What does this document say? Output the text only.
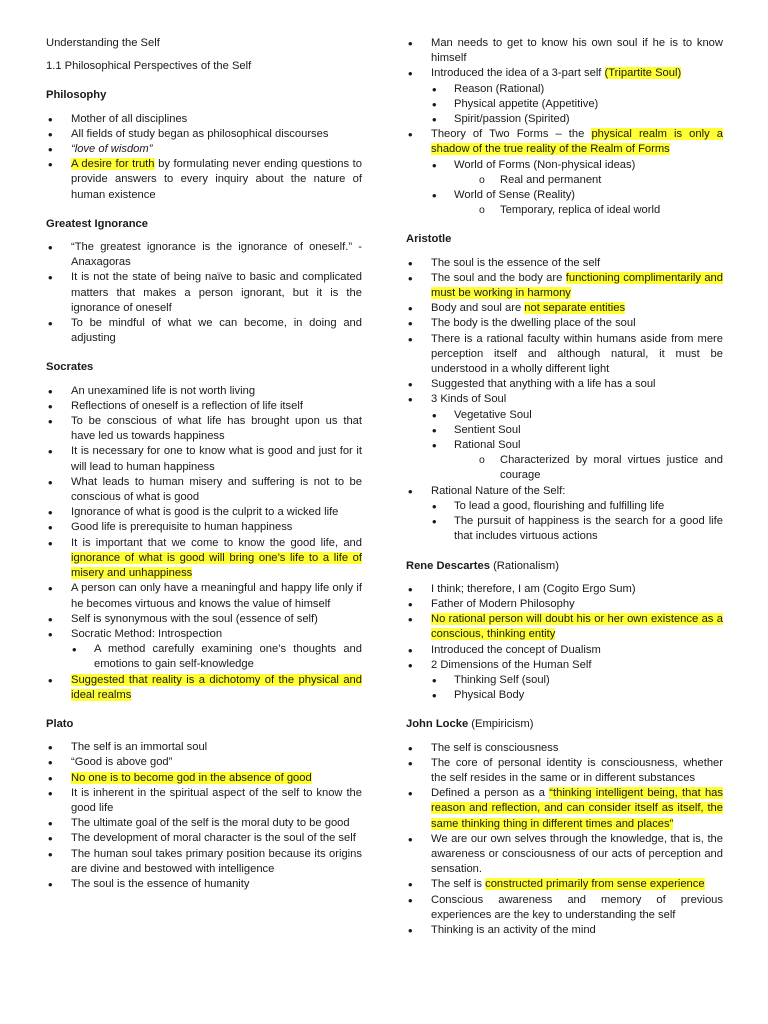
Understanding the Self

1.1 Philosophical Perspectives of the Self

Philosophy

• Mother of all disciplines
• All fields of study began as philosophical discourses
• “love of wisdom”
• A desire for truth by formulating never ending questions to provide answers to every inquiry about the nature of human existence

Greatest Ignorance

• “The greatest ignorance is the ignorance of oneself.” -Anaxagoras
• It is not the state of being naïve to basic and complicated matters that makes a person ignorant, but it is the ignorance of oneself
• To be mindful of what we can become, in doing and adjusting

Socrates

• An unexamined life is not worth living
• Reflections of oneself is a reflection of life itself
• To be conscious of what life has brought upon us that have led us towards happiness
• It is necessary for one to know what is good and just for it will lead to human happiness
• What leads to human misery and suffering is not to be conscious of what is good
• Ignorance of what is good is the culprit to a wicked life
• Good life is prerequisite to human happiness
• It is important that we come to know the good life, and ignorance of what is good will bring one’s life to a life of misery and unhappiness
• A person can only have a meaningful and happy life only if he becomes virtuous and knows the value of himself
• Self is synonymous with the soul (essence of self)
• Socratic Method: Introspection
• A method carefully examining one’s thoughts and emotions to gain self-knowledge
• Suggested that reality is a dichotomy of the physical and ideal realms

Plato

• The self is an immortal soul
• “Good is above god”
• No one is to become god in the absence of good
• It is inherent in the spiritual aspect of the self to know the good life
• The ultimate goal of the self is the moral duty to be good
• The development of moral character is the soul of the self
• The human soul takes primary position because its origins are divine and bestowed with intelligence
• The soul is the essence of humanity
• Man needs to get to know his own soul if he is to know himself
• Introduced the idea of a 3-part self (Tripartite Soul)
• Reason (Rational)
• Physical appetite (Appetitive)
• Spirit/passion (Spirited)
• Theory of Two Forms – the physical realm is only a shadow of the true reality of the Realm of Forms
• World of Forms (Non-physical ideas)
o Real and permanent
• World of Sense (Reality)
o Temporary, replica of ideal world

Aristotle

• The soul is the essence of the self
• The soul and the body are functioning complimentarily and must be working in harmony
• Body and soul are not separate entities
• The body is the dwelling place of the soul
• There is a rational faculty within humans aside from mere perception itself and although natural, it must be understood in a wholly different light
• Suggested that anything with a life has a soul
• 3 Kinds of Soul
• Vegetative Soul
• Sentient Soul
• Rational Soul
o Characterized by moral virtues justice and courage
• Rational Nature of the Self:
• To lead a good, flourishing and fulfilling life
• The pursuit of happiness is the search for a good life that includes virtuous actions

Rene Descartes (Rationalism)

• I think; therefore, I am (Cogito Ergo Sum)
• Father of Modern Philosophy
• No rational person will doubt his or her own existence as a conscious, thinking entity
• Introduced the concept of Dualism
• 2 Dimensions of the Human Self
• Thinking Self (soul)
• Physical Body

John Locke (Empiricism)

• The self is consciousness
• The core of personal identity is consciousness, whether the self resides in the same or in different substances
• Defined a person as a “thinking intelligent being, that has reason and reflection, and can consider itself as itself, the same thinking thing in different times and places”
• We are our own selves through the knowledge, that is, the awareness or consciousness of our acts of perception and sensation.
• The self is constructed primarily from sense experience
• Conscious awareness and memory of previous experiences are the key to understanding the self
• Thinking is an activity of the mind
